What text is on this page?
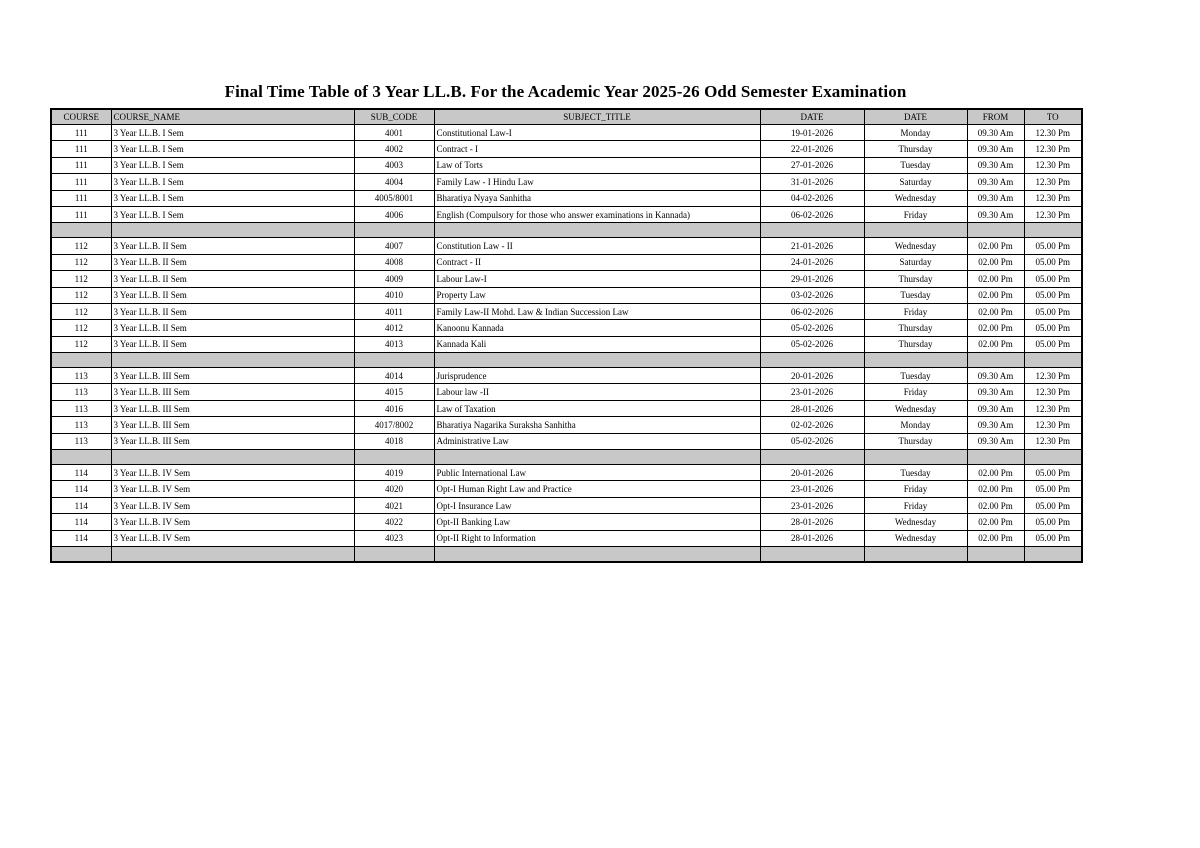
Final Time Table of 3 Year LL.B. For the Academic Year 2025-26 Odd Semester Examination
COURSE	COURSE_NAME	SUB_CODE	SUBJECT_TITLE	DATE	DATE	FROM	TO
111	3 Year LL.B. I Sem	4001	Constitutional Law-I	19-01-2026	Monday	09.30 Am	12.30 Pm
111	3 Year LL.B. I Sem	4002	Contract - I	22-01-2026	Thursday	09.30 Am	12.30 Pm
111	3 Year LL.B. I Sem	4003	Law of Torts	27-01-2026	Tuesday	09.30 Am	12.30 Pm
111	3 Year LL.B. I Sem	4004	Family Law - I Hindu Law	31-01-2026	Saturday	09.30 Am	12.30 Pm
111	3 Year LL.B. I Sem	4005/8001	Bharatiya Nyaya Sanhitha	04-02-2026	Wednesday	09.30 Am	12.30 Pm
111	3 Year LL.B. I Sem	4006	English (Compulsory for those who answer examinations in Kannada)	06-02-2026	Friday	09.30 Am	12.30 Pm

112	3 Year LL.B. II Sem	4007	Constitution Law - II	21-01-2026	Wednesday	02.00 Pm	05.00 Pm
112	3 Year LL.B. II Sem	4008	Contract - II	24-01-2026	Saturday	02.00 Pm	05.00 Pm
112	3 Year LL.B. II Sem	4009	Labour Law-I	29-01-2026	Thursday	02.00 Pm	05.00 Pm
112	3 Year LL.B. II Sem	4010	Property Law	03-02-2026	Tuesday	02.00 Pm	05.00 Pm
112	3 Year LL.B. II Sem	4011	Family Law-II Mohd. Law & Indian Succession Law	06-02-2026	Friday	02.00 Pm	05.00 Pm
112	3 Year LL.B. II Sem	4012	Kanoonu Kannada	05-02-2026	Thursday	02.00 Pm	05.00 Pm
112	3 Year LL.B. II Sem	4013	Kannada Kali	05-02-2026	Thursday	02.00 Pm	05.00 Pm

113	3 Year LL.B. III Sem	4014	Jurisprudence	20-01-2026	Tuesday	09.30 Am	12.30 Pm
113	3 Year LL.B. III Sem	4015	Labour law -II	23-01-2026	Friday	09.30 Am	12.30 Pm
113	3 Year LL.B. III Sem	4016	Law of Taxation	28-01-2026	Wednesday	09.30 Am	12.30 Pm
113	3 Year LL.B. III Sem	4017/8002	Bharatiya Nagarika Suraksha Sanhitha	02-02-2026	Monday	09.30 Am	12.30 Pm
113	3 Year LL.B. III Sem	4018	Administrative Law	05-02-2026	Thursday	09.30 Am	12.30 Pm

114	3 Year LL.B. IV Sem	4019	Public International Law	20-01-2026	Tuesday	02.00 Pm	05.00 Pm
114	3 Year LL.B. IV Sem	4020	Opt-I Human Right Law and Practice	23-01-2026	Friday	02.00 Pm	05.00 Pm
114	3 Year LL.B. IV Sem	4021	Opt-I Insurance Law	23-01-2026	Friday	02.00 Pm	05.00 Pm
114	3 Year LL.B. IV Sem	4022	Opt-II Banking Law	28-01-2026	Wednesday	02.00 Pm	05.00 Pm
114	3 Year LL.B. IV Sem	4023	Opt-II Right to Information	28-01-2026	Wednesday	02.00 Pm	05.00 Pm
